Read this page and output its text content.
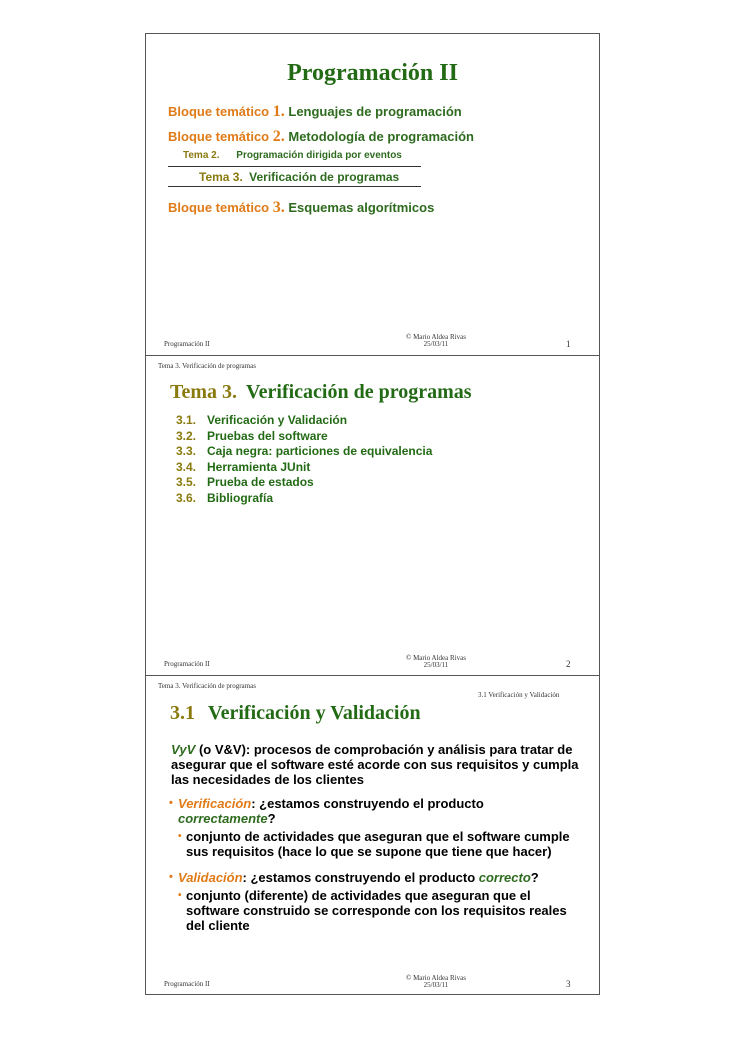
Programación II
Bloque temático 1. Lenguajes de programación
Bloque temático 2. Metodología de programación
Tema 2. Programación dirigida por eventos
Tema 3. Verificación de programas
Bloque temático 3. Esquemas algorítmicos
Programación II
© Mario Aldea Rivas
25/03/11	1
Tema 3. Verificación de programas
Tema 3. Verificación de programas
3.1. Verificación y Validación
3.2. Pruebas del software
3.3. Caja negra: particiones de equivalencia
3.4. Herramienta JUnit
3.5. Prueba de estados
3.6. Bibliografía
Programación II
© Mario Aldea Rivas
25/03/11	2
Tema 3. Verificación de programas
3.1 Verificación y Validación
3.1 Verificación y Validación
VyV (o V&V): procesos de comprobación y análisis para tratar de
asegurar que el software esté acorde con sus requisitos y cumpla
las necesidades de los clientes
• Verificación: ¿estamos construyendo el producto
correctamente?
• conjunto de actividades que aseguran que el software cumple
sus requisitos (hace lo que se supone que tiene que hacer)
• Validación: ¿estamos construyendo el producto correcto?
• conjunto (diferente) de actividades que aseguran que el
software construido se corresponde con los requisitos reales
del cliente
Programación II
© Mario Aldea Rivas
25/03/11	3
